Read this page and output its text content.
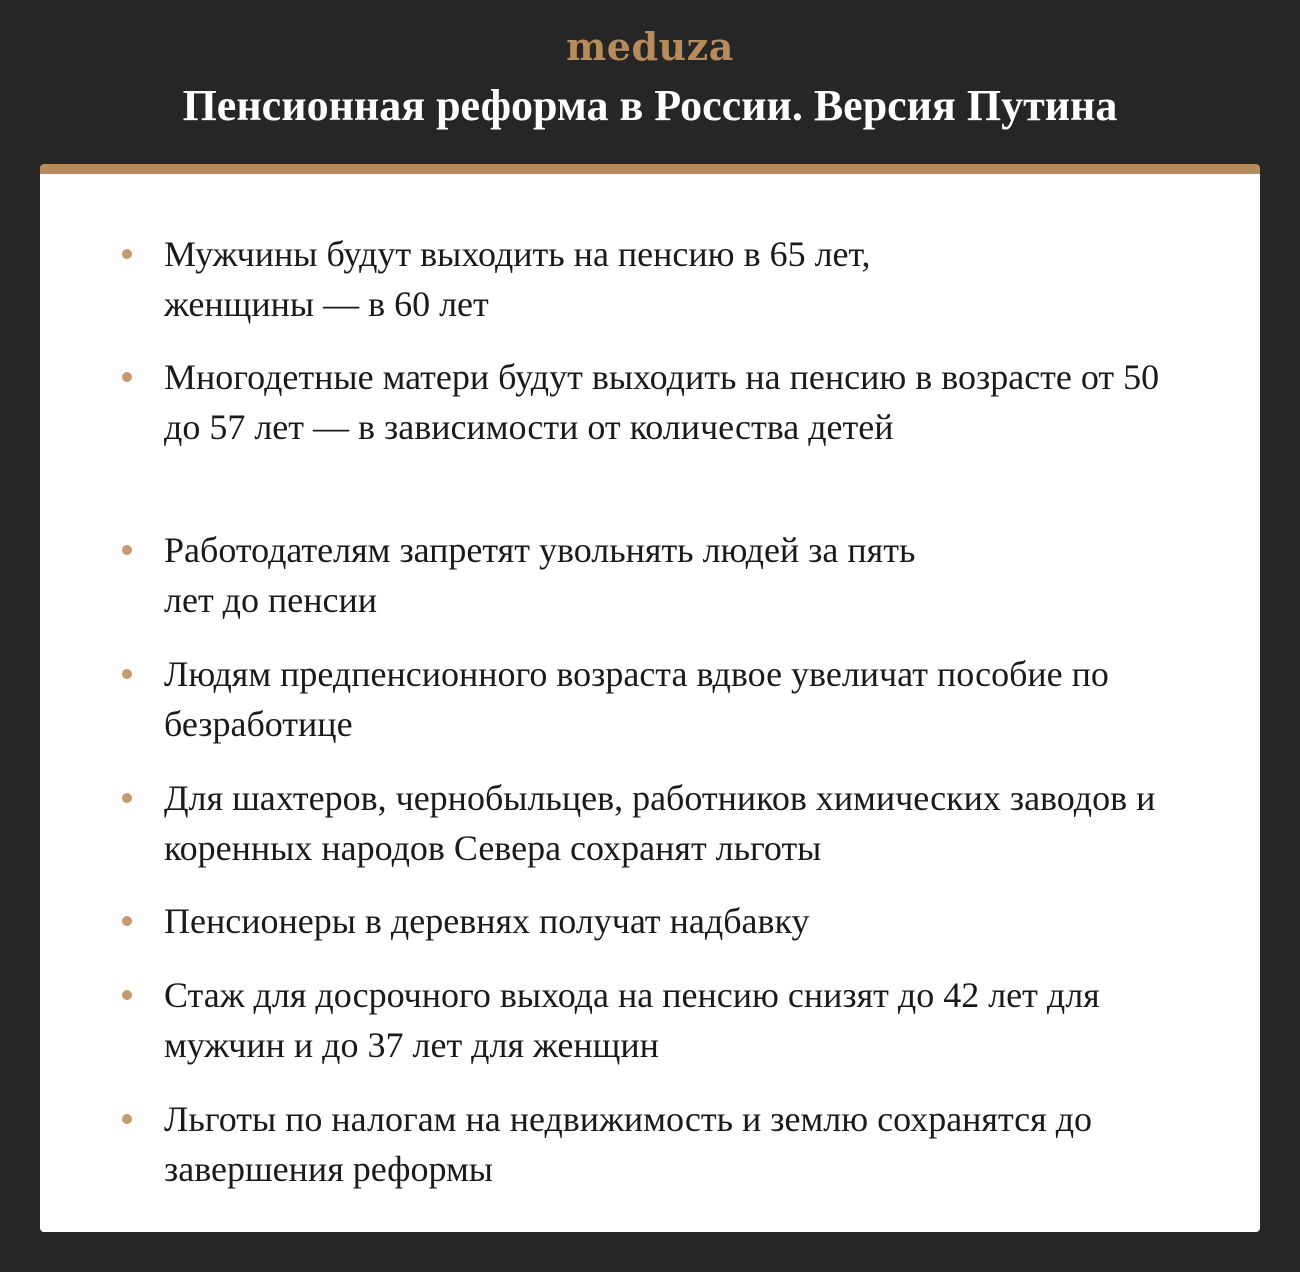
meduza
Пенсионная реформа в России. Версия Путина
Мужчины будут выходить на пенсию в 65 лет, женщины — в 60 лет
Многодетные матери будут выходить на пенсию в возрасте от 50 до 57 лет — в зависимости от количества детей
Работодателям запретят увольнять людей за пять лет до пенсии
Людям предпенсионного возраста вдвое увеличат пособие по безработице
Для шахтеров, чернобыльцев, работников химических заводов и коренных народов Севера сохранят льготы
Пенсионеры в деревнях получат надбавку
Стаж для досрочного выхода на пенсию снизят до 42 лет для мужчин и до 37 лет для женщин
Льготы по налогам на недвижимость и землю сохранятся до завершения реформы
